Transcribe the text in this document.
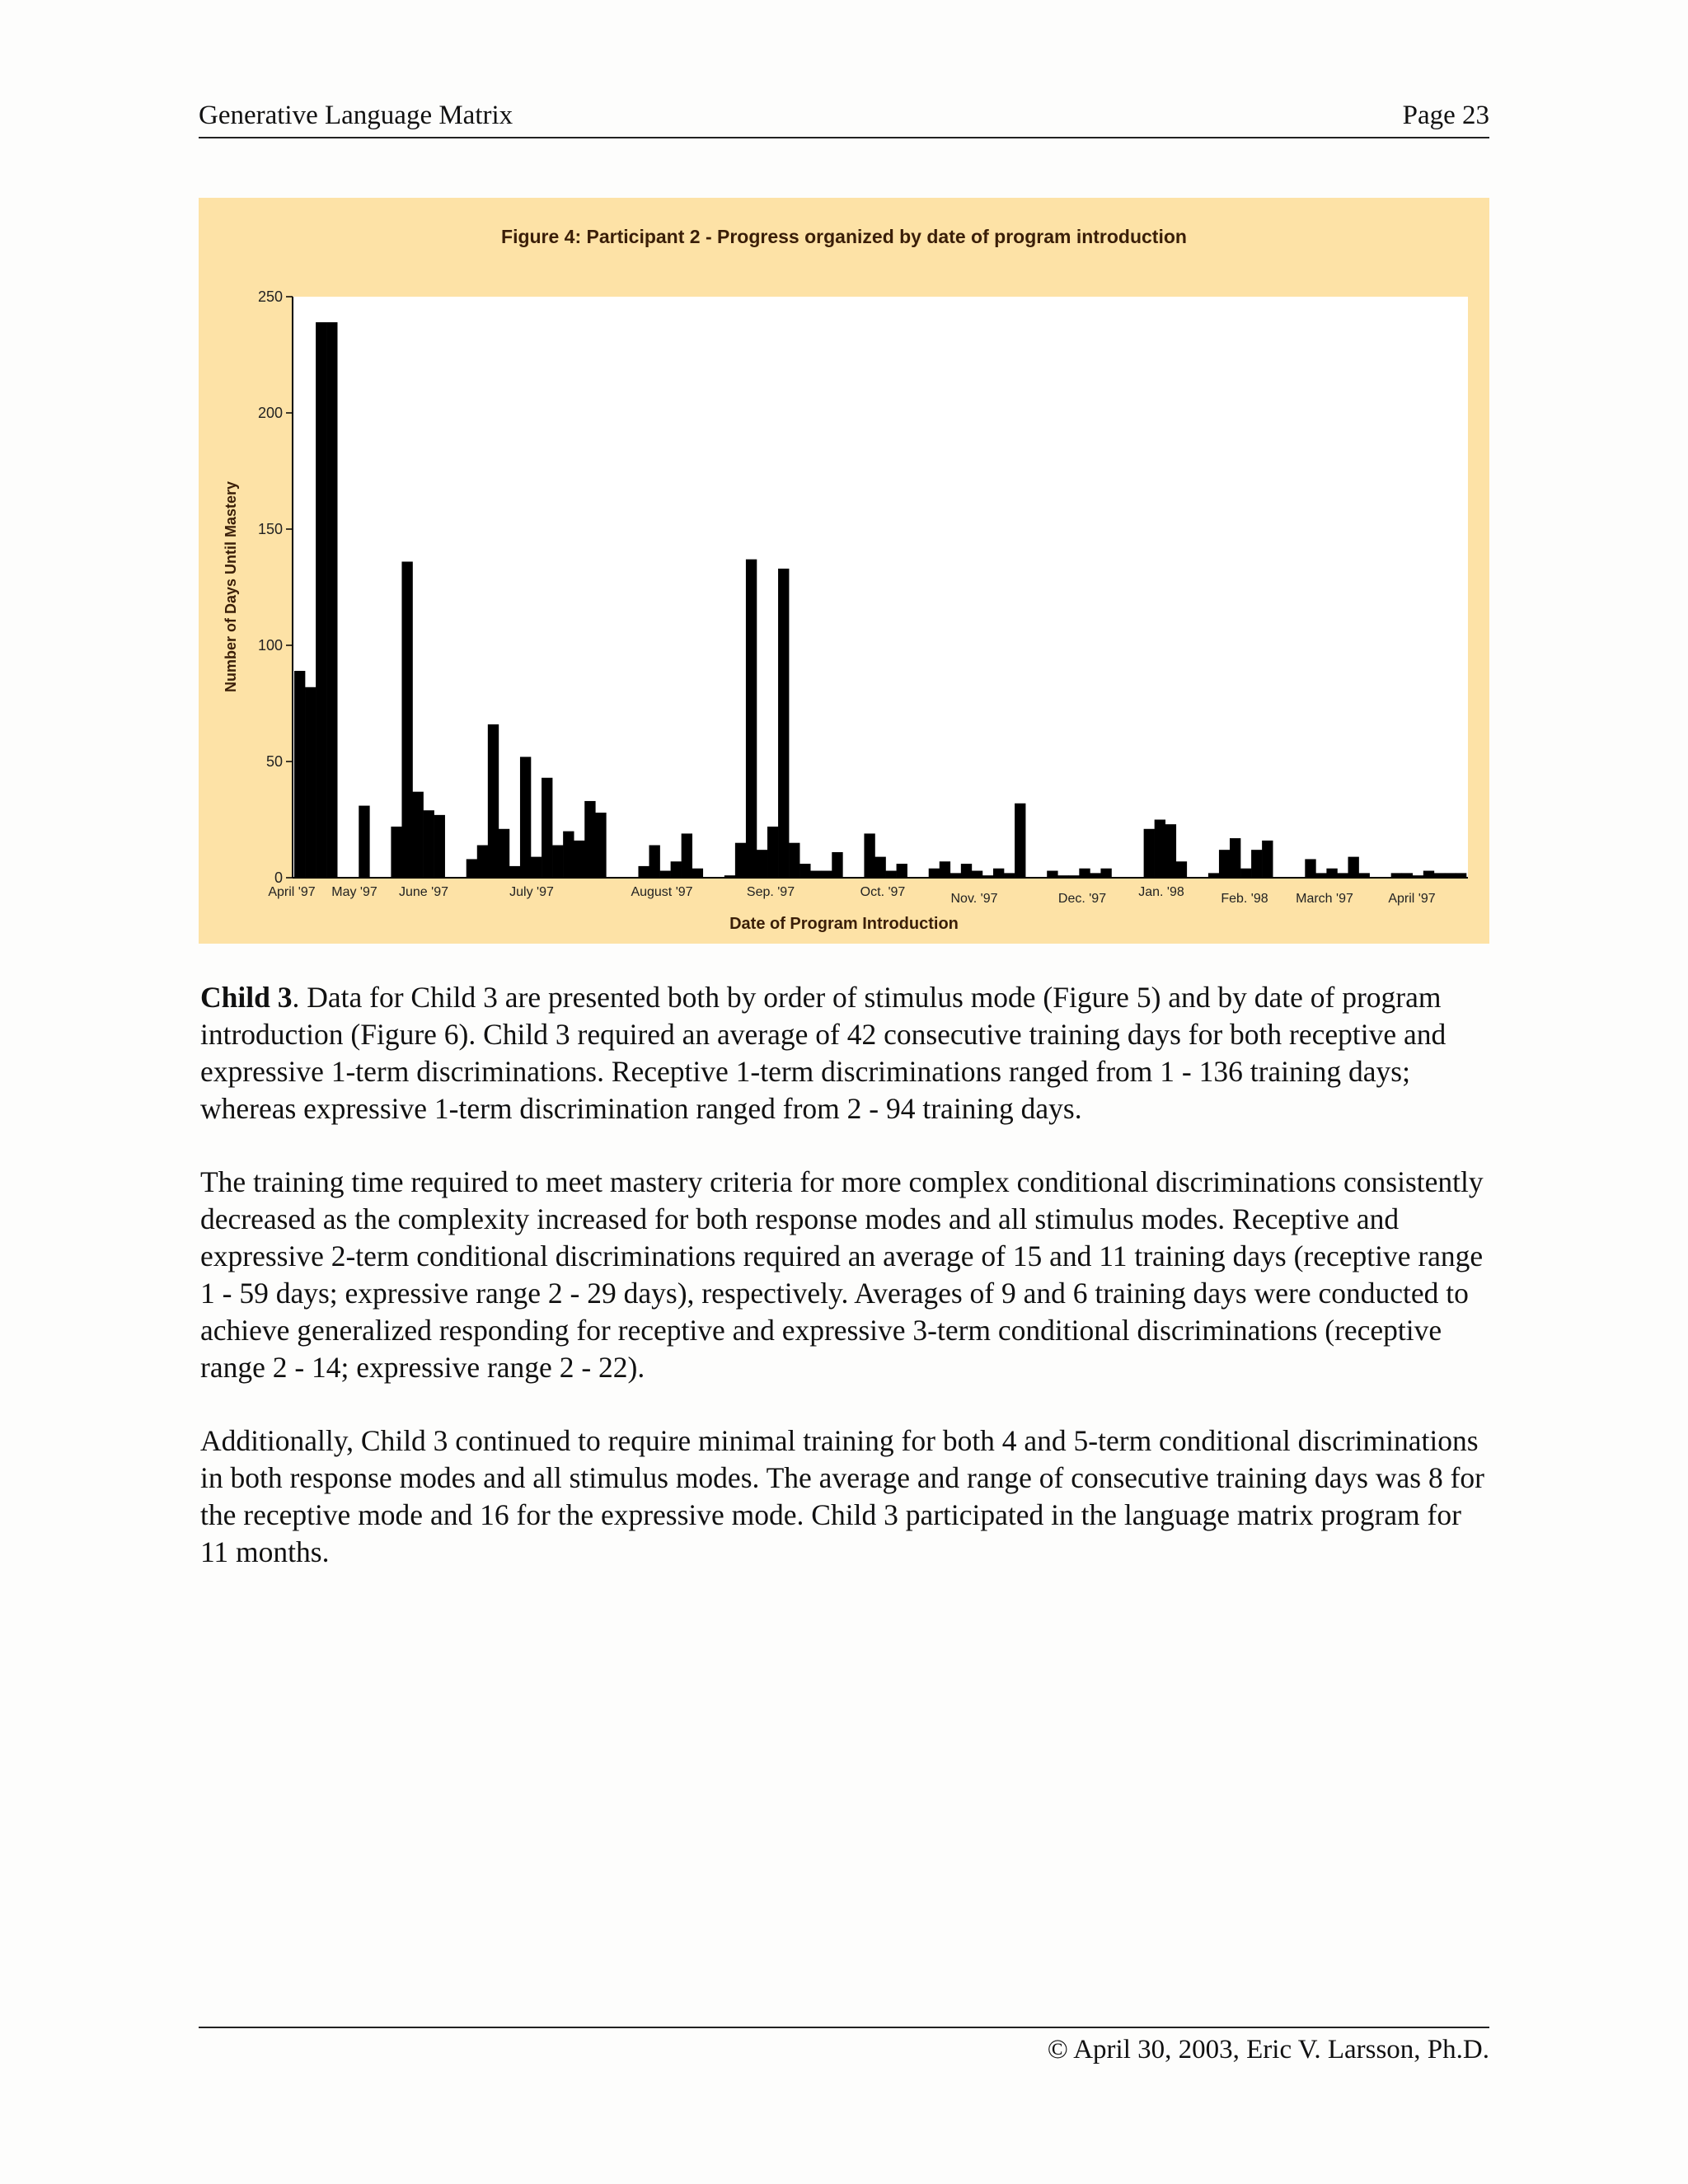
Generative Language Matrix	Page 23
Figure 4: Participant 2 - Progress organized by date of program introduction
Date of Program Introduction
Number of Days Until Mastery
0
50
100
150
200
250
April '97 May '97 June '97	July '97	August '97	Sep. '97	Oct. '97	Nov. '97	Dec. '97 Jan. '98	Feb. '98 March '97	April '97

Child 3. Data for Child 3 are presented both by order of stimulus mode (Figure 5) and by date of program introduction (Figure 6). Child 3 required an average of 42 consecutive training days for both receptive and expressive 1-term discriminations. Receptive 1-term discriminations ranged from 1 - 136 training days; whereas expressive 1-term discrimination ranged from 2 - 94 training days.

The training time required to meet mastery criteria for more complex conditional discriminations consistently decreased as the complexity increased for both response modes and all stimulus modes. Receptive and expressive 2-term conditional discriminations required an average of 15 and 11 training days (receptive range 1 - 59 days; expressive range 2 - 29 days), respectively. Averages of 9 and 6 training days were conducted to achieve generalized responding for receptive and expressive 3-term conditional discriminations (receptive range 2 - 14; expressive range 2 - 22).

Additionally, Child 3 continued to require minimal training for both 4 and 5-term conditional discriminations in both response modes and all stimulus modes. The average and range of consecutive training days was 8 for the receptive mode and 16 for the expressive mode. Child 3 participated in the language matrix program for 11 months.

© April 30, 2003, Eric V. Larsson, Ph.D.
